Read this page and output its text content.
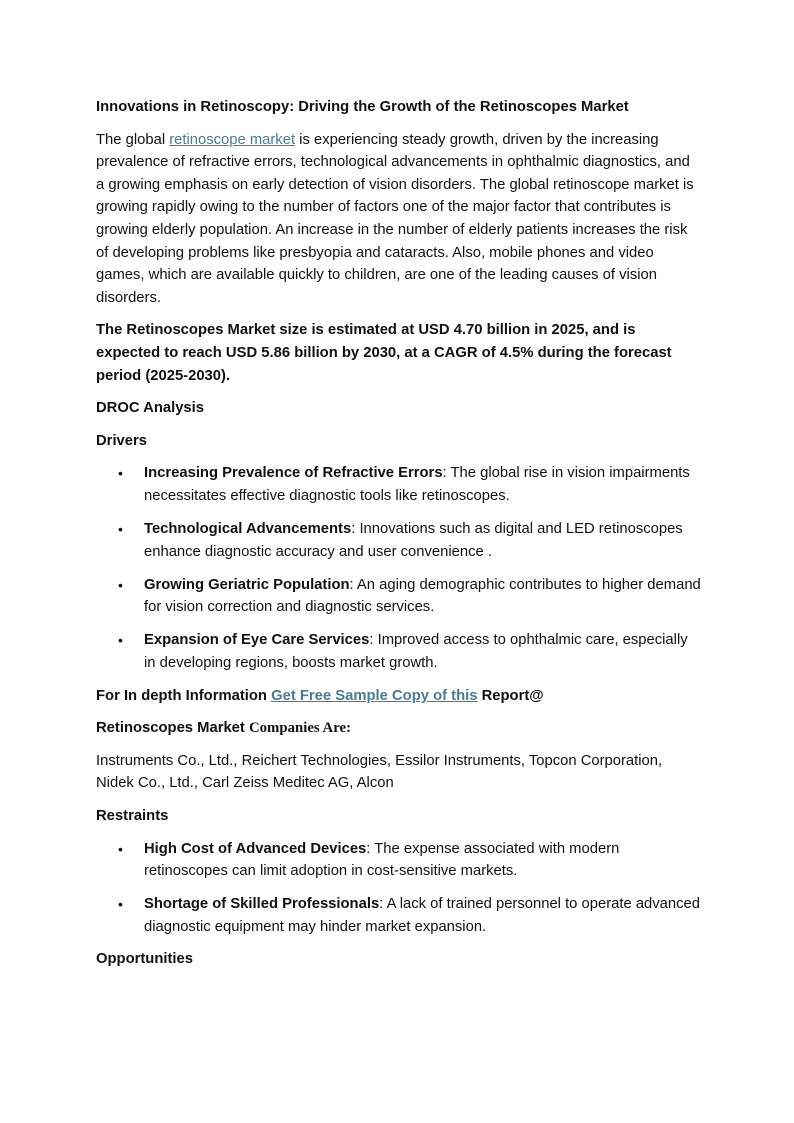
Innovations in Retinoscopy: Driving the Growth of the Retinoscopes Market

The global retinoscope market is experiencing steady growth, driven by the increasing prevalence of refractive errors, technological advancements in ophthalmic diagnostics, and a growing emphasis on early detection of vision disorders. The global retinoscope market is growing rapidly owing to the number of factors one of the major factor that contributes is growing elderly population. An increase in the number of elderly patients increases the risk of developing problems like presbyopia and cataracts. Also, mobile phones and video games, which are available quickly to children, are one of the leading causes of vision disorders.

The Retinoscopes Market size is estimated at USD 4.70 billion in 2025, and is expected to reach USD 5.86 billion by 2030, at a CAGR of 4.5% during the forecast period (2025-2030).

DROC Analysis

Drivers

• Increasing Prevalence of Refractive Errors: The global rise in vision impairments necessitates effective diagnostic tools like retinoscopes.
• Technological Advancements: Innovations such as digital and LED retinoscopes enhance diagnostic accuracy and user convenience .
• Growing Geriatric Population: An aging demographic contributes to higher demand for vision correction and diagnostic services.
• Expansion of Eye Care Services: Improved access to ophthalmic care, especially in developing regions, boosts market growth.

For In depth Information Get Free Sample Copy of this Report@

Retinoscopes Market Companies Are:

Instruments Co., Ltd., Reichert Technologies, Essilor Instruments, Topcon Corporation, Nidek Co., Ltd., Carl Zeiss Meditec AG, Alcon

Restraints

• High Cost of Advanced Devices: The expense associated with modern retinoscopes can limit adoption in cost-sensitive markets.
• Shortage of Skilled Professionals: A lack of trained personnel to operate advanced diagnostic equipment may hinder market expansion.

Opportunities
